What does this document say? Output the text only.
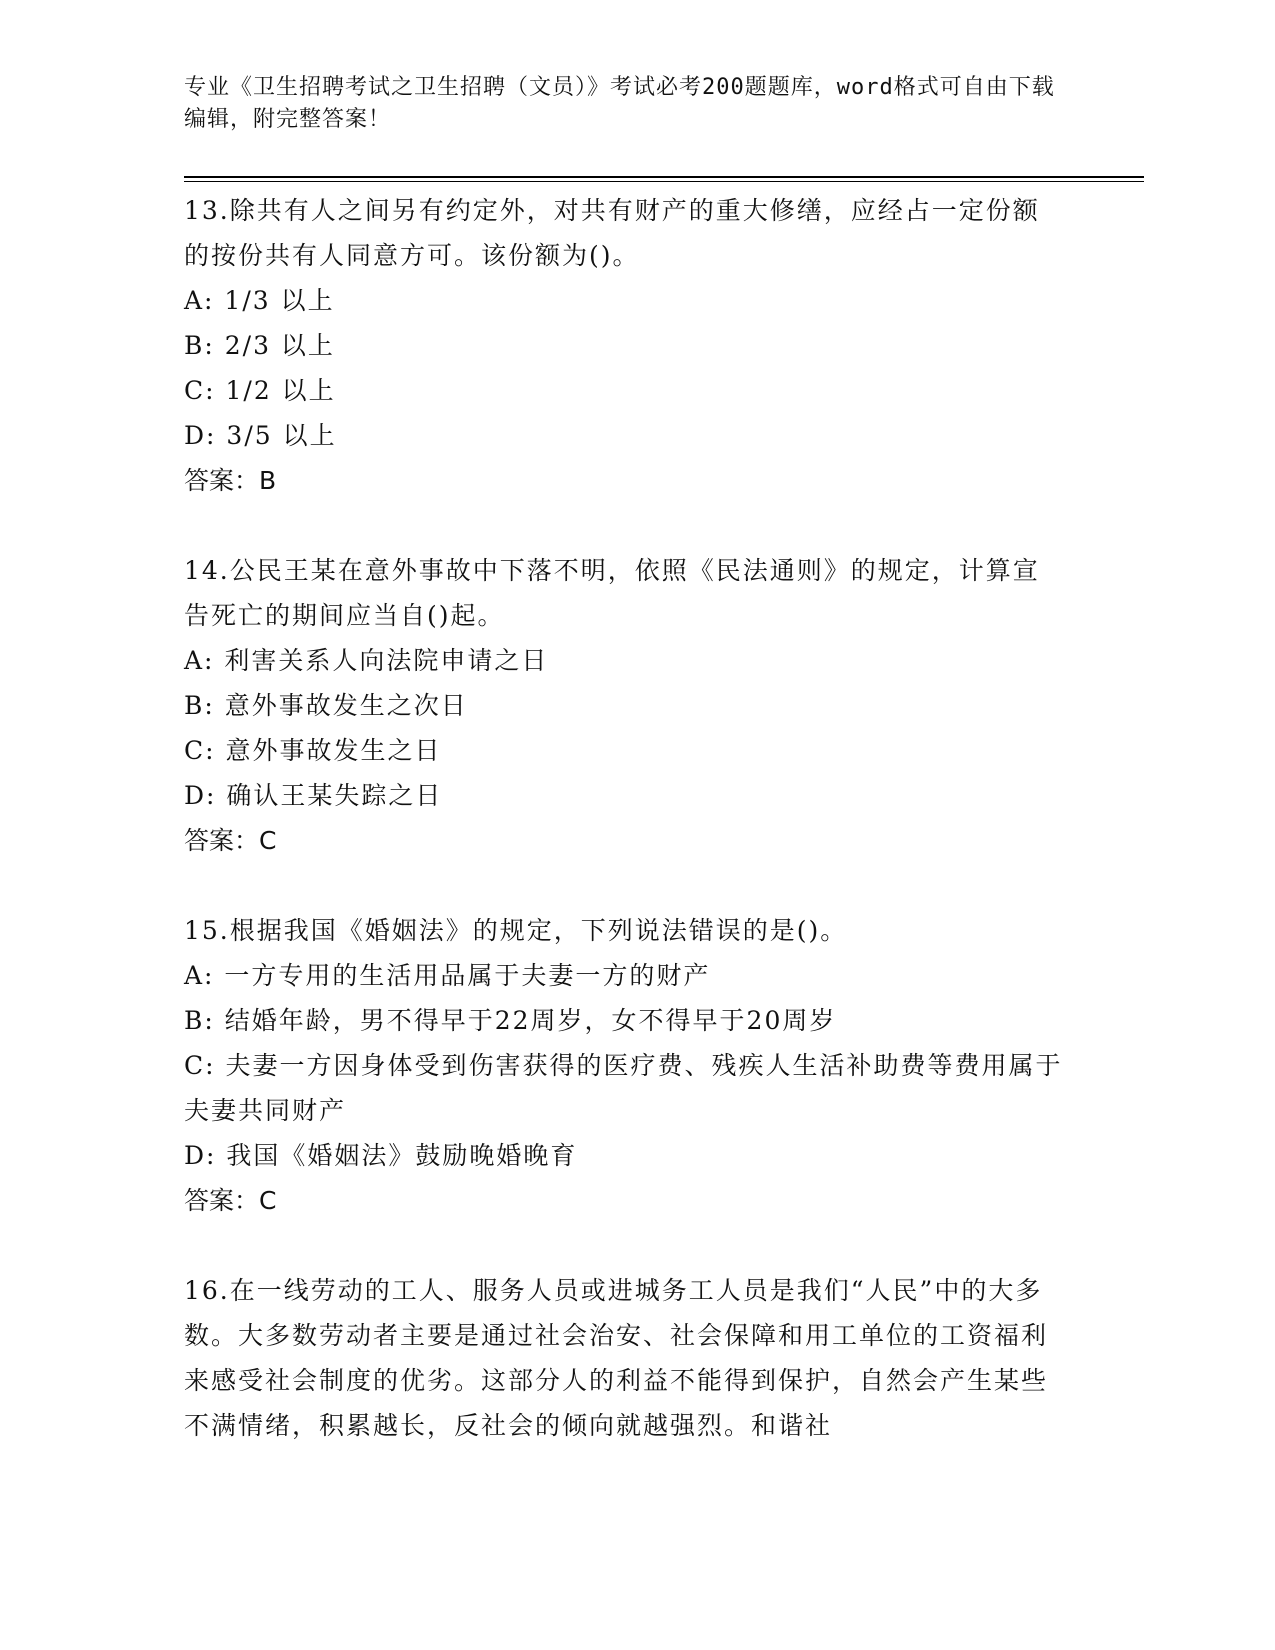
专业《卫生招聘考试之卫生招聘（文员）》考试必考200题题库，word格式可自由下载编辑，附完整答案！

13.除共有人之间另有约定外，对共有财产的重大修缮，应经占一定份额的按份共有人同意方可。该份额为()。

A: 1/3 以上

B: 2/3 以上

C: 1/2 以上

D: 3/5 以上

答案：B

14.公民王某在意外事故中下落不明，依照《民法通则》的规定，计算宣告死亡的期间应当自()起。

A: 利害关系人向法院申请之日

B: 意外事故发生之次日

C: 意外事故发生之日

D: 确认王某失踪之日

答案：C

15.根据我国《婚姻法》的规定，下列说法错误的是()。

A: 一方专用的生活用品属于夫妻一方的财产

B: 结婚年龄，男不得早于22周岁，女不得早于20周岁

C: 夫妻一方因身体受到伤害获得的医疗费、残疾人生活补助费等费用属于夫妻共同财产

D: 我国《婚姻法》鼓励晚婚晚育

答案：C

16.在一线劳动的工人、服务人员或进城务工人员是我们“人民”中的大多数。大多数劳动者主要是通过社会治安、社会保障和用工单位的工资福利来感受社会制度的优劣。这部分人的利益不能得到保护，自然会产生某些不满情绪，积累越长，反社会的倾向就越强烈。和谐社
